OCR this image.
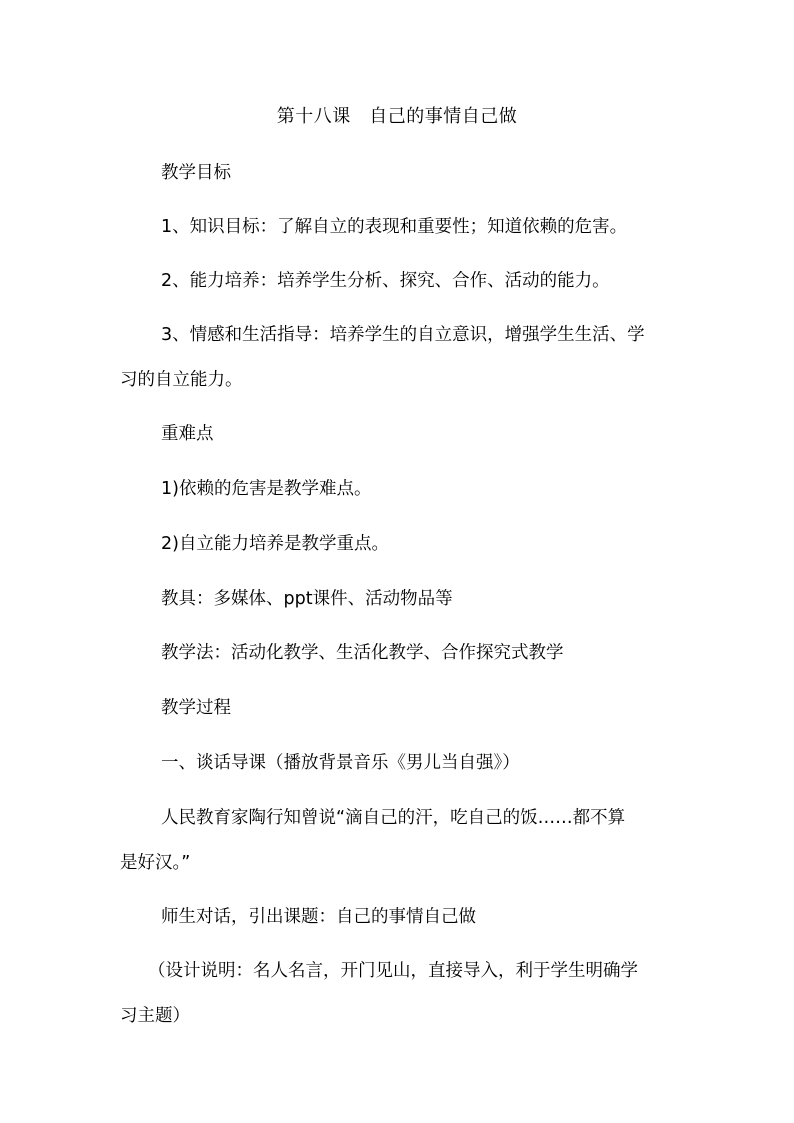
第十八课　自己的事情自己做
教学目标
1、知识目标：了解自立的表现和重要性；知道依赖的危害。
2、能力培养：培养学生分析、探究、合作、活动的能力。
3、情感和生活指导：培养学生的自立意识，增强学生生活、学
习的自立能力。
重难点
1)依赖的危害是教学难点。
2)自立能力培养是教学重点。
教具：多媒体、ppt课件、活动物品等
教学法：活动化教学、生活化教学、合作探究式教学
教学过程
一、谈话导课（播放背景音乐《男儿当自强》）
人民教育家陶行知曾说“滴自己的汗，吃自己的饭……都不算
是好汉。”
师生对话，引出课题：自己的事情自己做
（设计说明：名人名言，开门见山，直接导入，利于学生明确学
习主题）
